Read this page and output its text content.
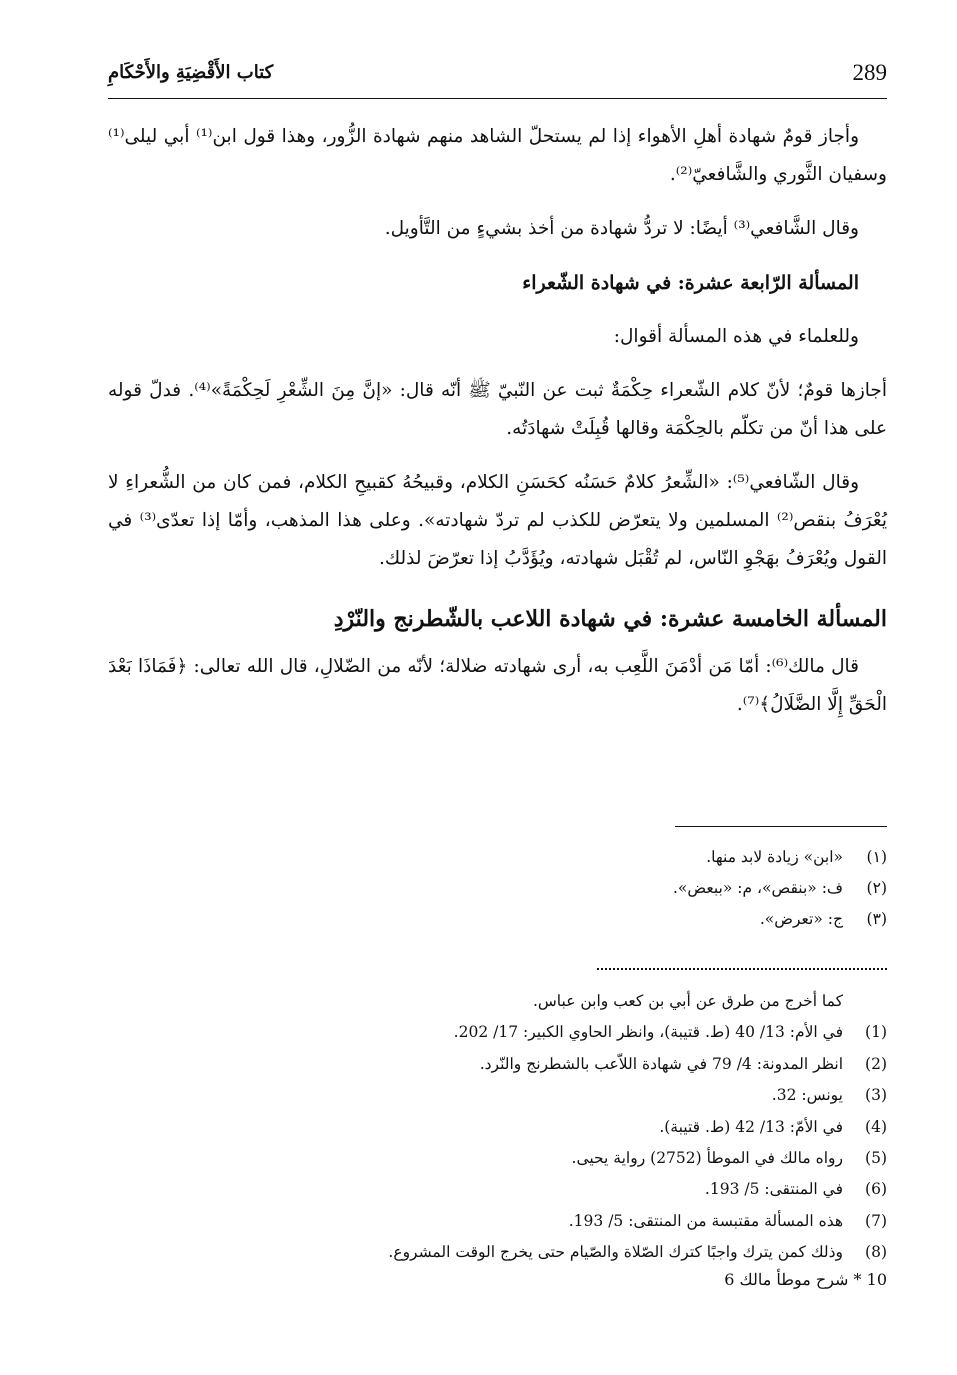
289
كتاب الأَقْضِيَةِ والأَحْكَامِ

وأجاز قومٌ شهادة أهلِ الأهواء إذا لم يستحلّ الشاهد منهم شهادة الزُّور، وهذا قول ابن⁽¹⁾ أبي ليلى⁽¹⁾ وسفيان الثَّوري والشَّافعيّ⁽²⁾.

وقال الشَّافعي⁽³⁾ أيضًا: لا تردُّ شهادة من أخذ بشيءٍ من التَّأويل.

المسألة الرّابعة عشرة: في شهادة الشّعراء

وللعلماء في هذه المسألة أقوال:

أجازها قومٌ؛ لأنّ كلام الشّعراء حِكْمَةٌ ثبت عن النّبيّ ﷺ أنّه قال: «إنَّ مِنَ الشِّعْرِ لَحِكْمَةً»⁽⁴⁾. فدلّ قوله على هذا أنّ من تكلّم بالحِكْمَة وقالها قُبِلَتْ شهادَتُه.

وقال الشّافعي⁽⁵⁾: «الشِّعرُ كلامٌ حَسَنُه كحَسَنِ الكلام، وقبيحُهُ كقبيحِ الكلام، فمن كان من الشُّعراءِ لا يُعْرَفُ بنقص⁽²⁾ المسلمين ولا يتعرّض للكذب لم تردّ شهادته». وعلى هذا المذهب، وأمّا إذا تعدّى⁽³⁾ في القول ويُعْرَفُ بهَجْوِ النّاس، لم تُقْبَل شهادته، ويُؤَدَّبُ إذا تعرّضَ لذلك.

المسألة الخامسة عشرة: في شهادة اللاعب بالشّطرنج والنّرْدِ

قال مالك⁽⁶⁾: أمّا مَن أدْمَنَ اللَّعِب به، أرى شهادته ضلالة؛ لأنّه من الضّلالِ، قال الله تعالى: ﴿فَمَاذَا بَعْدَ الْحَقِّ إِلَّا الضَّلَالُ﴾⁽⁷⁾.

(١)
«ابن» زيادة لابد منها.
(٢)
ف: «بنقص»، م: «ببعض».
(٣)
ج: «تعرض».
كما أخرج من طرق عن أبي بن كعب وابن عباس.
(1)
في الأم: 13/ 40 (ط. قتيبة)، وانظر الحاوي الكبير: 17/ 202.
(2)
انظر المدونة: 4/ 79 في شهادة اللاّعب بالشطرنج والنّرد.
(3)
يونس: 32.
(4)
في الأمّ: 13/ 42 (ط. قتيبة).
(5)
رواه مالك في الموطأ (2752) رواية يحيى.
(6)
في المنتقى: 5/ 193.
(7)
هذه المسألة مقتبسة من المنتقى: 5/ 193.
(8)
وذلك كمن يترك واجبًا كترك الصّلاة والصّيام حتى يخرج الوقت المشروع.
10 * شرح موطأ مالك 6
